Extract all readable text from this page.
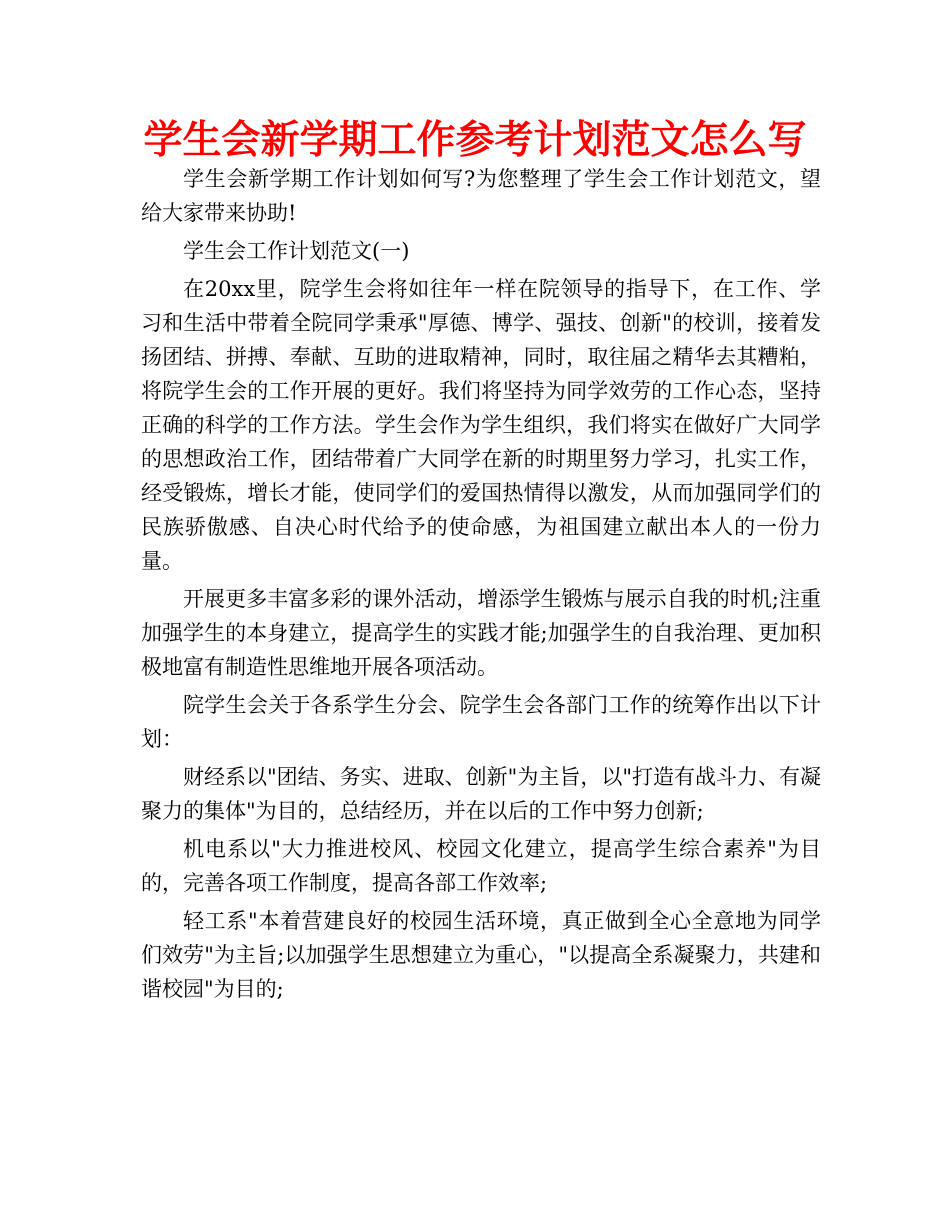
学生会新学期工作参考计划范文怎么写

学生会新学期工作计划如何写?为您整理了学生会工作计划范文，望给大家带来协助!

学生会工作计划范文(一)

在20xx里，院学生会将如往年一样在院领导的指导下，在工作、学习和生活中带着全院同学秉承"厚德、博学、强技、创新"的校训，接着发扬团结、拼搏、奉献、互助的进取精神，同时，取往届之精华去其糟粕，将院学生会的工作开展的更好。我们将坚持为同学效劳的工作心态，坚持正确的科学的工作方法。学生会作为学生组织，我们将实在做好广大同学的思想政治工作，团结带着广大同学在新的时期里努力学习，扎实工作，经受锻炼，增长才能，使同学们的爱国热情得以激发，从而加强同学们的民族骄傲感、自决心时代给予的使命感，为祖国建立献出本人的一份力量。

开展更多丰富多彩的课外活动，增添学生锻炼与展示自我的时机;注重加强学生的本身建立，提高学生的实践才能;加强学生的自我治理、更加积极地富有制造性思维地开展各项活动。

院学生会关于各系学生分会、院学生会各部门工作的统筹作出以下计划：

财经系以"团结、务实、进取、创新"为主旨，以"打造有战斗力、有凝聚力的集体"为目的，总结经历，并在以后的工作中努力创新;

机电系以"大力推进校风、校园文化建立，提高学生综合素养"为目的，完善各项工作制度，提高各部工作效率;

轻工系"本着营建良好的校园生活环境，真正做到全心全意地为同学们效劳"为主旨;以加强学生思想建立为重心，"以提高全系凝聚力，共建和谐校园"为目的;
